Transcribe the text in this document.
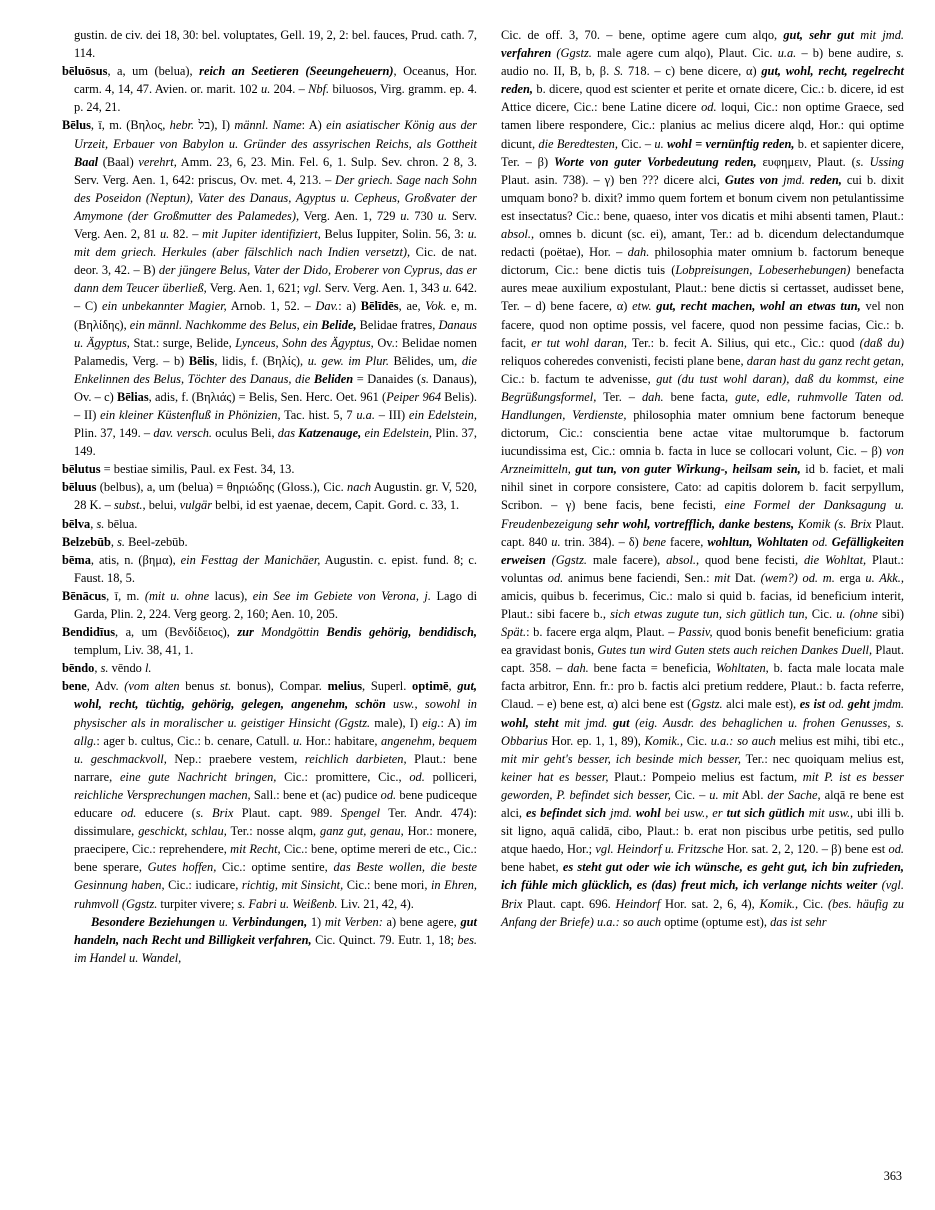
gustin. de civ. dei 18, 30: bel. voluptates, Gell. 19, 2, 2: bel. fauces, Prud. cath. 7, 114.

bēluōsus, a, um (belua), reich an Seetieren (Seeungeheuern), Oceanus, Hor. carm. 4, 14, 47. Avien. or. marit. 102 u. 204. – Nbf. biluosos, Virg. gramm. ep. 4. p. 24, 21.

Bēlus, ī, m. (Βηλος, hebr. בל), I) männl. Name: A) ein asiatischer König aus der Urzeit, Erbauer von Babylon u. Gründer des assyrischen Reichs, als Gottheit Baal (Baal) verehrt, Amm. 23, 6, 23. Min. Fel. 6, 1. Sulp. Sev. chron. 2 8, 3. Serv. Verg. Aen. 1, 642: priscus, Ov. met. 4, 213. – Der griech. Sage nach Sohn des Poseidon (Neptun), Vater des Danaus, Agyptus u. Cepheus, Großvater der Amymone (der Großmutter des Palamedes), Verg. Aen. 1, 729 u. 730 u. Serv. Verg. Aen. 2, 81 u. 82. – mit Jupiter identifiziert, Belus Iuppiter, Solin. 56, 3: u. mit dem griech. Herkules (aber fälschlich nach Indien versetzt), Cic. de nat. deor. 3, 42. – B) der jüngere Belus, Vater der Dido, Eroberer von Cyprus, das er dann dem Teucer überließ, Verg. Aen. 1, 621; vgl. Serv. Verg. Aen. 1, 343 u. 642. – C) ein unbekannter Magier, Arnob. 1, 52. – Dav.: a) Bēlīdēs, ae, Vok. e, m. (Βηλίδης), ein männl. Nachkomme des Belus, ein Belide, Belidae fratres, Danaus u. Ägyptus, Stat.: surge, Belide, Lynceus, Sohn des Ägyptus, Ov.: Belidae nomen Palamedis, Verg. – b) Bēlis, lidis, f. (Βηλίς), u. gew. im Plur. Bēlides, um, die Enkelinnen des Belus, Töchter des Danaus, die Beliden = Danaides (s. Danaus), Ov. – c) Bēlias, adis, f. (Βηλιάς) = Belis, Sen. Herc. Oet. 961 (Peiper 964 Belis). – II) ein kleiner Küstenfluß in Phönizien, Tac. hist. 5, 7 u.a. – III) ein Edelstein, Plin. 37, 149. – dav. versch. oculus Beli, das Katzenauge, ein Edelstein, Plin. 37, 149.

bēlutus = bestiae similis, Paul. ex Fest. 34, 13.

bēluus (belbus), a, um (belua) = θηριώδης (Gloss.), Cic. nach Augustin. gr. V, 520, 28 K. – subst., belui, vulgär belbi, id est yaenae, decem, Capit. Gord. c. 33, 1.

bēlva, s. bēlua.

Belzebūb, s. Beel-zebūb.

bēma, atis, n. (βημα), ein Festtag der Manichäer, Augustin. c. epist. fund. 8; c. Faust. 18, 5.

Bēnācus, ī, m. (mit u. ohne lacus), ein See im Gebiete von Verona, j. Lago di Garda, Plin. 2, 224. Verg georg. 2, 160; Aen. 10, 205.

Bendidīus, a, um (Βενδίδειος), zur Mondgöttin Bendis gehörig, bendidisch, templum, Liv. 38, 41, 1.

bēndo, s. vēndo l.

bene, Adv. (vom alten benus st. bonus), Compar. melius, Superl. optimē, gut, wohl, recht, tüchtig, gehörig, gelegen, angenehm, schön usw., sowohl in physischer als in moralischer u. geistiger Hinsicht (Ggstz. male), I) eig.: A) im allg.: ager b. cultus, Cic.: b. cenare, Catull. u. Hor.: habitare, angenehm, bequem u. geschmackvoll, Nep.: praebere vestem, reichlich darbieten, Plaut.: bene narrare, eine gute Nachricht bringen, Cic.: promittere, Cic., od. polliceri, reichliche Versprechungen machen, Sall.: bene et (ac) pudice od. bene pudiceque educare od. educere (s. Brix Plaut. capt. 989. Spengel Ter. Andr. 474): dissimulare, geschickt, schlau, Ter.: nosse alqm, ganz gut, genau, Hor.: monere, praecipere, Cic.: reprehendere, mit Recht, Cic.: bene, optime mereri de etc., Cic.: bene sperare, Gutes hoffen, Cic.: optime sentire, das Beste wollen, die beste Gesinnung haben, Cic.: iudicare, richtig, mit Sinsicht, Cic.: bene mori, in Ehren, ruhmvoll (Ggstz. turpiter vivere; s. Fabri u. Weißenb. Liv. 21, 42, 4).

Besondere Beziehungen u. Verbindungen, 1) mit Verben: a) bene agere, gut handeln, nach Recht und Billigkeit verfahren, Cic. Quinct. 79. Eutr. 1, 18; bes. im Handel u. Wandel,

Cic. de off. 3, 70. – bene, optime agere cum alqo, gut, sehr gut mit jmd. verfahren (Ggstz. male agere cum alqo), Plaut. Cic. u.a. – b) bene audire, s. audio no. II, B, b, β. S. 718. – c) bene dicere, α) gut, wohl, recht, regelrecht reden, b. dicere, quod est scienter et perite et ornate dicere, Cic.: b. dicere, id est Attice dicere, Cic.: bene Latine dicere od. loqui, Cic.: non optime Graece, sed tamen libere respondere, Cic.: planius ac melius dicere alqd, Hor.: qui optime dicunt, die Beredtesten, Cic. – u. wohl = vernünftig reden, b. et sapienter dicere, Ter. – β) Worte von guter Vorbedeutung reden, ευφημειν, Plaut. (s. Ussing Plaut. asin. 738). – γ) ben ??? dicere alci, Gutes von jmd. reden, cui b. dixit umquam bono? b. dixit? immo quem fortem et bonum civem non petulantissime est insectatus? Cic.: bene, quaeso, inter vos dicatis et mihi absenti tamen, Plaut.: absol., omnes b. dicunt (sc. ei), amant, Ter.: ad b. dicendum delectandumque redacti (poëtae), Hor. – dah. philosophia mater omnium b. factorum beneque dictorum, Cic.: bene dictis tuis (Lobpreisungen, Lobeserhebungen) benefacta aures meae auxilium expostulant, Plaut.: bene dictis si certasset, audisset bene, Ter. – d) bene facere, α) etw. gut, recht machen, wohl an etwas tun, vel non facere, quod non optime possis, vel facere, quod non pessime facias, Cic.: b. facit, er tut wohl daran, Ter.: b. fecit A. Silius, qui etc., Cic.: quod (daß du) reliquos coheredes convenisti, fecisti plane bene, daran hast du ganz recht getan, Cic.: b. factum te advenisse, gut (du tust wohl daran), daß du kommst, eine Begrüßungsformel, Ter. – dah. bene facta, gute, edle, ruhmvolle Taten od. Handlungen, Verdienste, philosophia mater omnium bene factorum beneque dictorum, Cic.: conscientia bene actae vitae multorumque b. factorum iucundissima est, Cic.: omnia b. facta in luce se collocari volunt, Cic. – β) von Arzneimitteln, gut tun, von guter Wirkung-, heilsam sein, id b. faciet, et mali nihil sinet in corpore consistere, Cato: ad capitis dolorem b. facit serpyllum, Scribon. – γ) bene facis, bene fecisti, eine Formel der Danksagung u. Freudenbezeigung sehr wohl, vortrefflich, danke bestens, Komik (s. Brix Plaut. capt. 840 u. trin. 384). – δ) bene facere, wohltun, Wohltaten od. Gefälligkeiten erweisen (Ggstz. male facere), absol., quod bene fecisti, die Wohltat, Plaut.: voluntas od. animus bene faciendi, Sen.: mit Dat. (wem?) od. m. erga u. Akk., amicis, quibus b. fecerimus, Cic.: malo si quid b. facias, id beneficium interit, Plaut.: sibi facere b., sich etwas zugute tun, sich gütlich tun, Cic. u. (ohne sibi) Spät.: b. facere erga alqm, Plaut. – Passiv, quod bonis benefit beneficium: gratia ea gravidast bonis, Gutes tun wird Guten stets auch reichen Dankes Duell, Plaut. capt. 358. – dah. bene facta = beneficia, Wohltaten, b. facta male locata male facta arbitror, Enn. fr.: pro b. factis alci pretium reddere, Plaut.: b. facta referre, Claud. – e) bene est, α) alci bene est (Ggstz. alci male est), es ist od. geht jmdm. wohl, steht mit jmd. gut (eig. Ausdr. des behaglichen u. frohen Genusses, s. Obbarius Hor. ep. 1, 1, 89), Komik., Cic. u.a.: so auch melius est mihi, tibi etc., mit mir geht's besser, ich besinde mich besser, Ter.: nec quoiquam melius est, keiner hat es besser, Plaut.: Pompeio melius est factum, mit P. ist es besser geworden, P. befindet sich besser, Cic. – u. mit Abl. der Sache, alqā re bene est alci, es befindet sich jmd. wohl bei usw., er tut sich gütlich mit usw., ubi illi b. sit ligno, aquā calidā, cibo, Plaut.: b. erat non piscibus urbe petitis, sed pullo atque haedo, Hor.; vgl. Heindorf u. Fritzsche Hor. sat. 2, 2, 120. – β) bene est od. bene habet, es steht gut oder wie ich wünsche, es geht gut, ich bin zufrieden, ich fühle mich glücklich, es (das) freut mich, ich verlange nichts weiter (vgl. Brix Plaut. capt. 696. Heindorf Hor. sat. 2, 6, 4), Komik., Cic. (bes. häufig zu Anfang der Briefe) u.a.: so auch optime (optume est), das ist sehr

363
